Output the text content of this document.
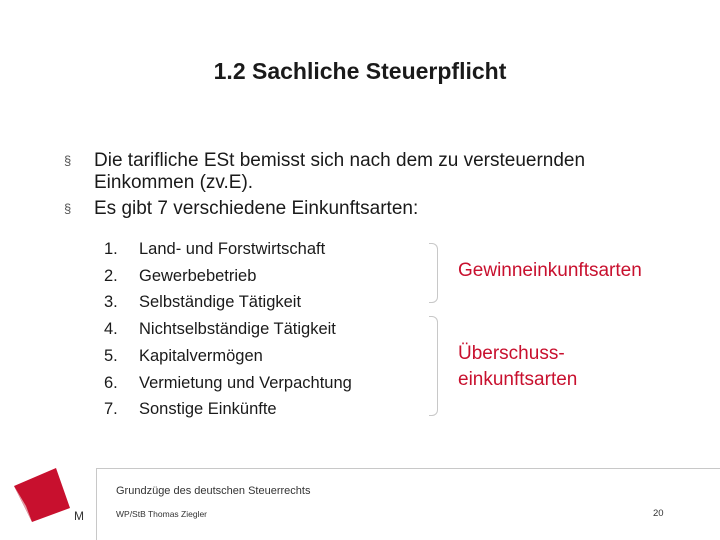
1.2 Sachliche Steuerpflicht
§ Die tarifliche ESt bemisst sich nach dem zu versteuernden Einkommen (zv.E).
§ Es gibt 7 verschiedene Einkunftsarten:
1. Land- und Forstwirtschaft
2. Gewerbebetrieb
3. Selbständige Tätigkeit
4. Nichtselbständige Tätigkeit
5. Kapitalvermögen
6. Vermietung und Verpachtung
7. Sonstige Einkünfte
Gewinneinkunftsarten
Überschuss-
einkunftsarten
M
Grundzüge des deutschen Steuerrechts
WP/StB Thomas Ziegler	20
